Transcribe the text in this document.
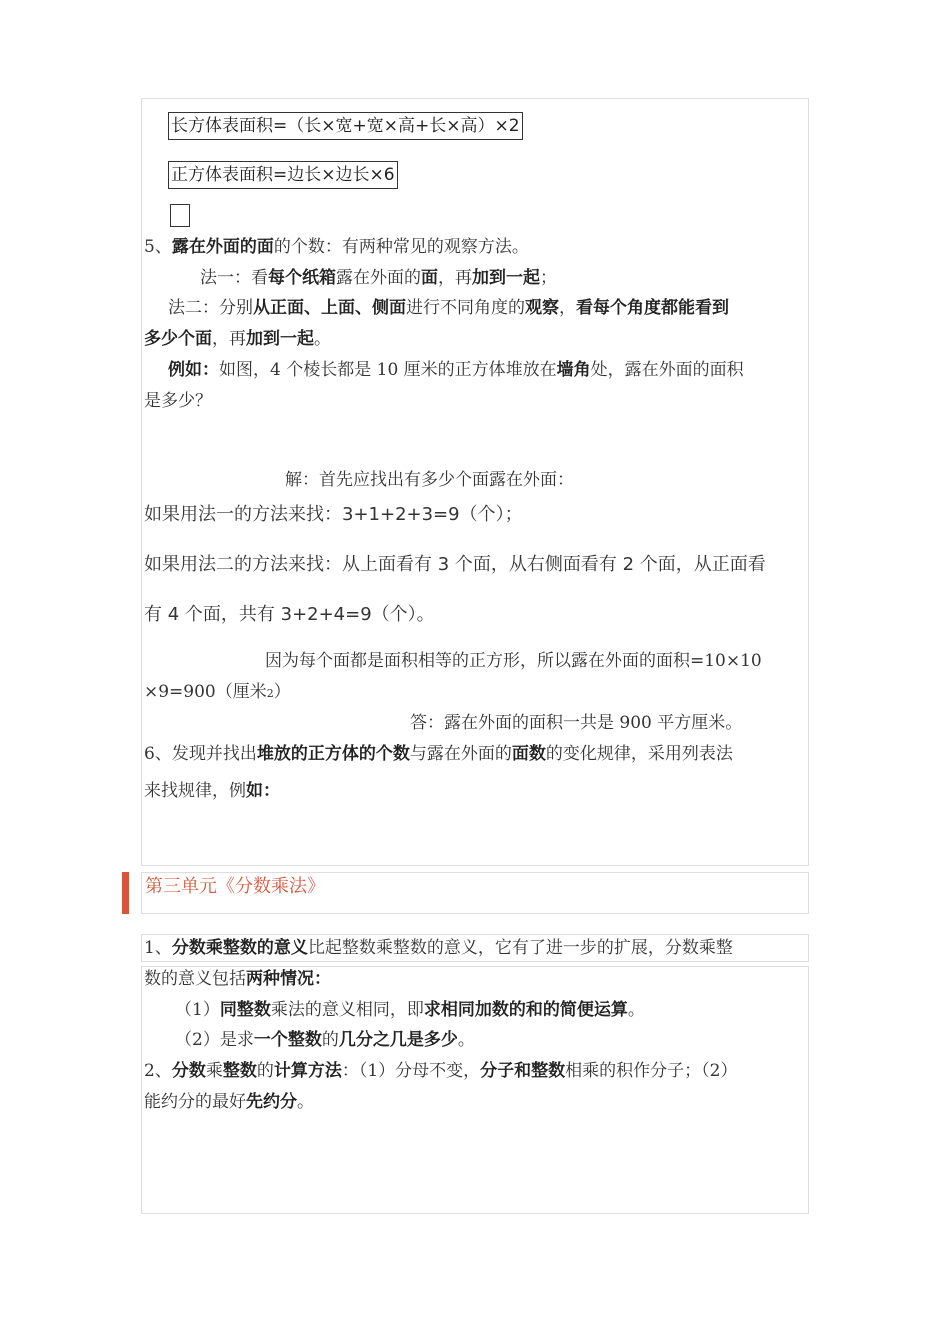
长方体表面积=（长×宽+宽×高+长×高）×2
正方体表面积=边长×边长×6
5、露在外面的面的个数：有两种常见的观察方法。
法一：看每个纸箱露在外面的面，再加到一起；
法二：分别从正面、上面、侧面进行不同角度的观察，看每个角度都能看到
多少个面，再加到一起。
例如：如图，4 个棱长都是 10 厘米的正方体堆放在墙角处，露在外面的面积
是多少？
解：首先应找出有多少个面露在外面：
如果用法一的方法来找：3+1+2+3=9（个）；
如果用法二的方法来找：从上面看有 3 个面，从右侧面看有 2 个面，从正面看
有 4 个面，共有 3+2+4=9（个）。
因为每个面都是面积相等的正方形，所以露在外面的面积=10×10
×9=900（厘米2）
答：露在外面的面积一共是 900 平方厘米。
6、发现并找出堆放的正方体的个数与露在外面的面数的变化规律，采用列表法
来找规律，例如：
第三单元《分数乘法》
1、分数乘整数的意义比起整数乘整数的意义，它有了进一步的扩展，分数乘整
数的意义包括两种情况：
（1）同整数乘法的意义相同，即求相同加数的和的简便运算。
（2）是求一个整数的几分之几是多少。
2、分数乘整数的计算方法：（1）分母不变，分子和整数相乘的积作分子；（2）
能约分的最好先约分。
